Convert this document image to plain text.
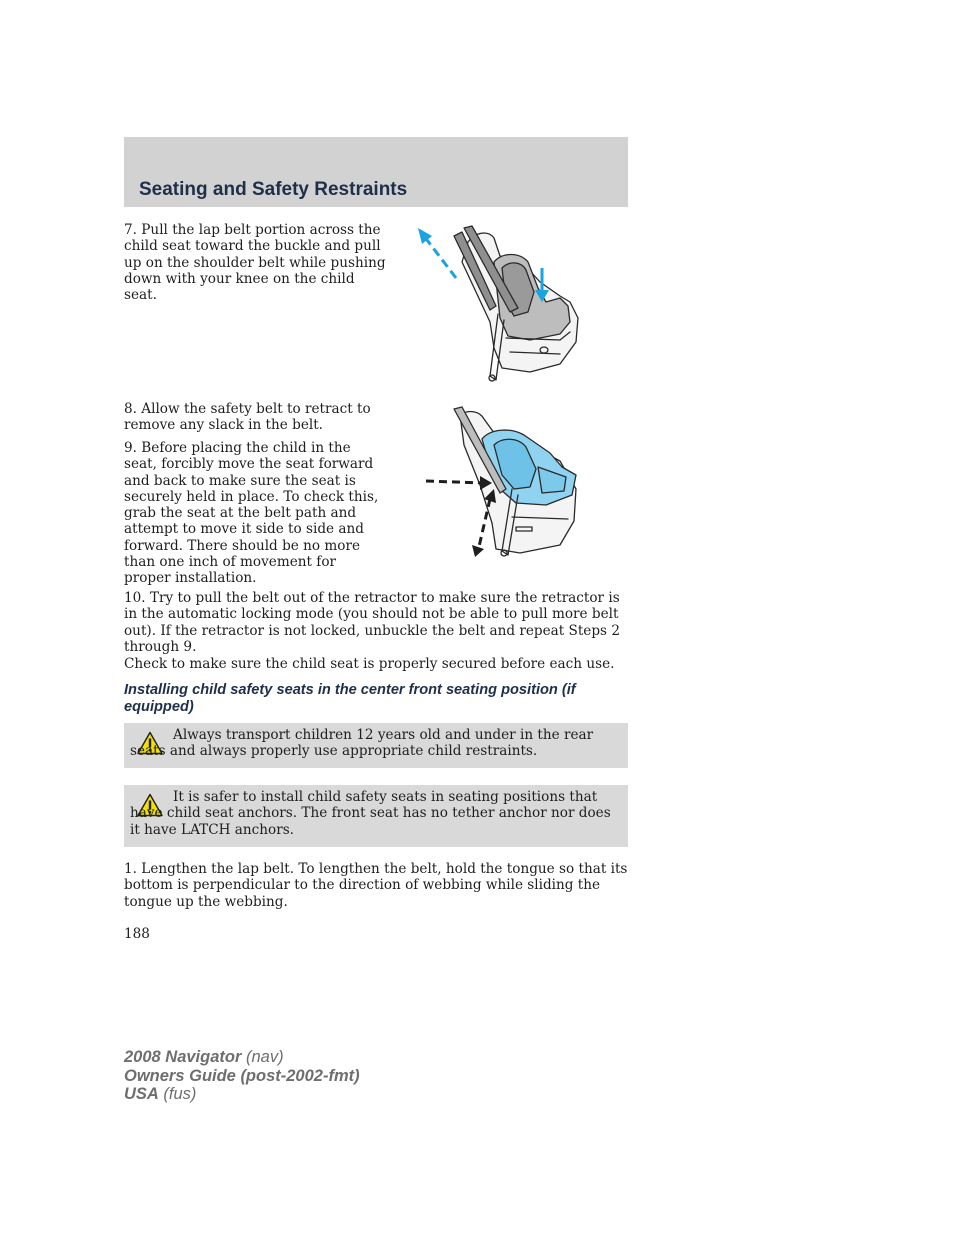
Seating and Safety Restraints

7. Pull the lap belt portion across the child seat toward the buckle and pull up on the shoulder belt while pushing down with your knee on the child seat.

8. Allow the safety belt to retract to remove any slack in the belt.

9. Before placing the child in the seat, forcibly move the seat forward and back to make sure the seat is securely held in place. To check this, grab the seat at the belt path and attempt to move it side to side and forward. There should be no more than one inch of movement for proper installation.

10. Try to pull the belt out of the retractor to make sure the retractor is in the automatic locking mode (you should not be able to pull more belt out). If the retractor is not locked, unbuckle the belt and repeat Steps 2 through 9.

Check to make sure the child seat is properly secured before each use.

Installing child safety seats in the center front seating position (if equipped)

Always transport children 12 years old and under in the rear seats and always properly use appropriate child restraints.

It is safer to install child safety seats in seating positions that have child seat anchors. The front seat has no tether anchor nor does it have LATCH anchors.

1. Lengthen the lap belt. To lengthen the belt, hold the tongue so that its bottom is perpendicular to the direction of webbing while sliding the tongue up the webbing.

188
2008 Navigator (nav)
Owners Guide (post-2002-fmt)
USA (fus)
